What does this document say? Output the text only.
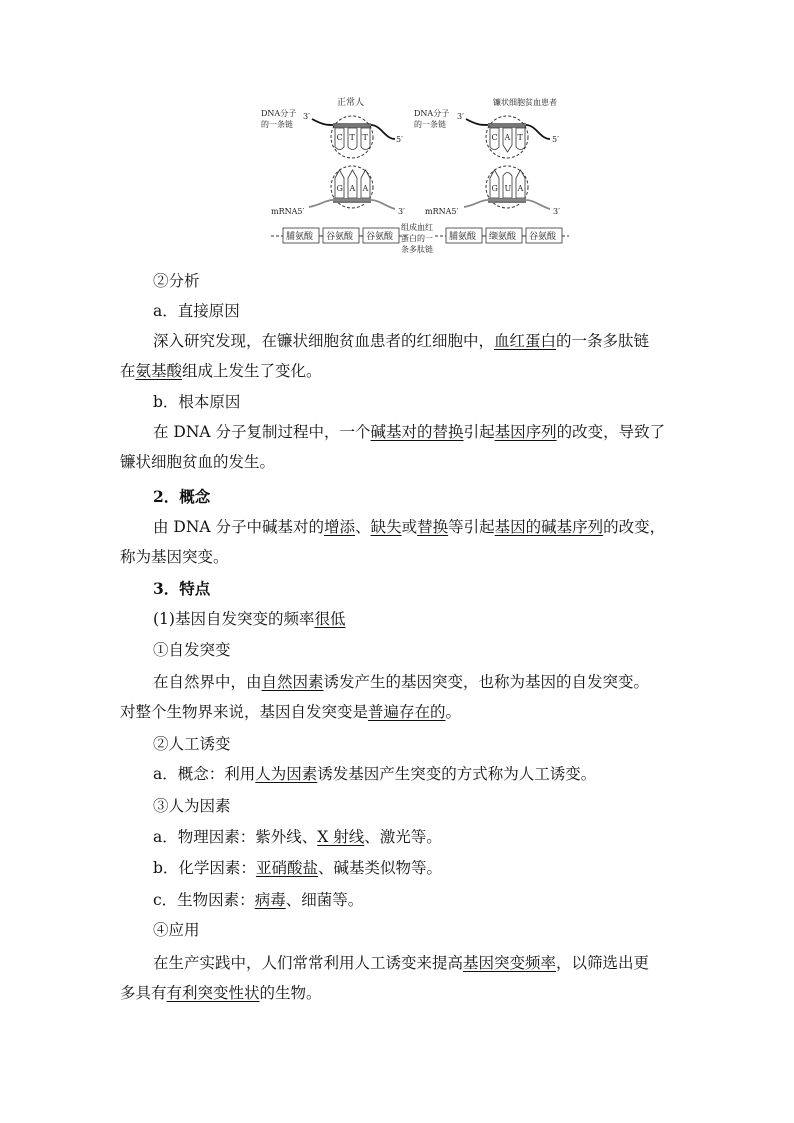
正常人
DNA分子
的一条链
3′
5′
C T T
G A A
mRNA5′	3′
镰状细胞贫血患者
DNA分子
的一条链
3′
5′
C A T
G U A
mRNA5′	3′
脯氨酸 谷氨酸 谷氨酸
组成血红
蛋白的一
条多肽链
脯氨酸 缬氨酸 谷氨酸
②分析
a．直接原因
深入研究发现，在镰状细胞贫血患者的红细胞中，血红蛋白的一条多肽链
在氨基酸组成上发生了变化。
b．根本原因
在 DNA 分子复制过程中，一个碱基对的替换引起基因序列的改变，导致了
镰状细胞贫血的发生。
2．概念
由 DNA 分子中碱基对的增添、缺失或替换等引起基因的碱基序列的改变，
称为基因突变。
3．特点
(1)基因自发突变的频率很低
①自发突变
在自然界中，由自然因素诱发产生的基因突变，也称为基因的自发突变。
对整个生物界来说，基因自发突变是普遍存在的。
②人工诱变
a．概念：利用人为因素诱发基因产生突变的方式称为人工诱变。
③人为因素
a．物理因素：紫外线、X 射线、激光等。
b．化学因素：亚硝酸盐、碱基类似物等。
c．生物因素：病毒、细菌等。
④应用
在生产实践中，人们常常利用人工诱变来提高基因突变频率，以筛选出更
多具有有利突变性状的生物。
